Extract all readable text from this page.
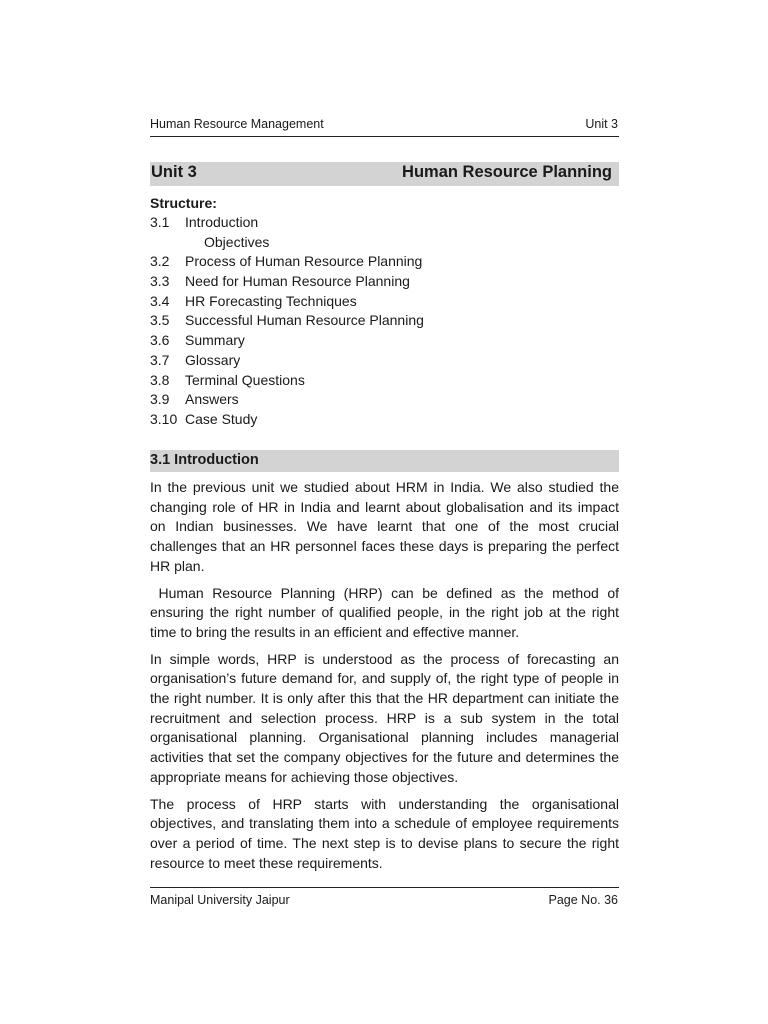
Human Resource Management	Unit 3
Unit 3	Human Resource Planning
Structure:
3.1 Introduction
Objectives
3.2 Process of Human Resource Planning
3.3 Need for Human Resource Planning
3.4 HR Forecasting Techniques
3.5 Successful Human Resource Planning
3.6 Summary
3.7 Glossary
3.8 Terminal Questions
3.9 Answers
3.10 Case Study
3.1 Introduction

In the previous unit we studied about HRM in India. We also studied the changing role of HR in India and learnt about globalisation and its impact on Indian businesses. We have learnt that one of the most crucial challenges that an HR personnel faces these days is preparing the perfect HR plan.

Human Resource Planning (HRP) can be defined as the method of ensuring the right number of qualified people, in the right job at the right time to bring the results in an efficient and effective manner.

In simple words, HRP is understood as the process of forecasting an organisation’s future demand for, and supply of, the right type of people in the right number. It is only after this that the HR department can initiate the recruitment and selection process. HRP is a sub system in the total organisational planning. Organisational planning includes managerial activities that set the company objectives for the future and determines the appropriate means for achieving those objectives.

The process of HRP starts with understanding the organisational objectives, and translating them into a schedule of employee requirements over a period of time. The next step is to devise plans to secure the right resource to meet these requirements.

Manipal University Jaipur	Page No. 36
